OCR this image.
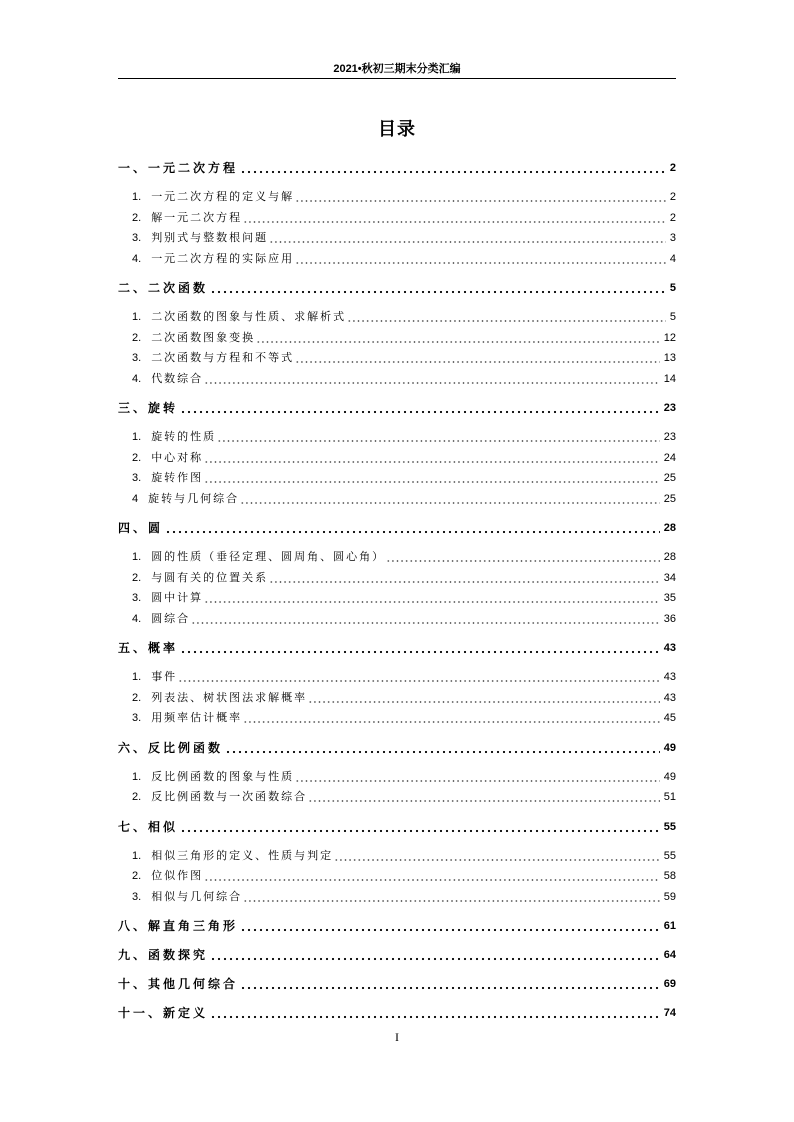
2021•秋初三期末分类汇编
目录
一、一元二次方程	2
1. 一元二次方程的定义与解	2
2. 解一元二次方程	2
3. 判别式与整数根问题	3
4. 一元二次方程的实际应用	4
二、二次函数	5
1. 二次函数的图象与性质、求解析式	5
2. 二次函数图象变换	12
3. 二次函数与方程和不等式	13
4. 代数综合	14
三、旋转	23
1. 旋转的性质	23
2. 中心对称	24
3. 旋转作图	25
4 旋转与几何综合	25
四、圆	28
1. 圆的性质（垂径定理、圆周角、圆心角）	28
2. 与圆有关的位置关系	34
3. 圆中计算	35
4. 圆综合	36
五、概率	43
1. 事件	43
2. 列表法、树状图法求解概率	43
3. 用频率估计概率	45
六、反比例函数	49
1. 反比例函数的图象与性质	49
2. 反比例函数与一次函数综合	51
七、相似	55
1. 相似三角形的定义、性质与判定	55
2. 位似作图	58
3. 相似与几何综合	59
八、解直角三角形	61
九、函数探究	64
十、其他几何综合	69
十一、新定义	74
I
